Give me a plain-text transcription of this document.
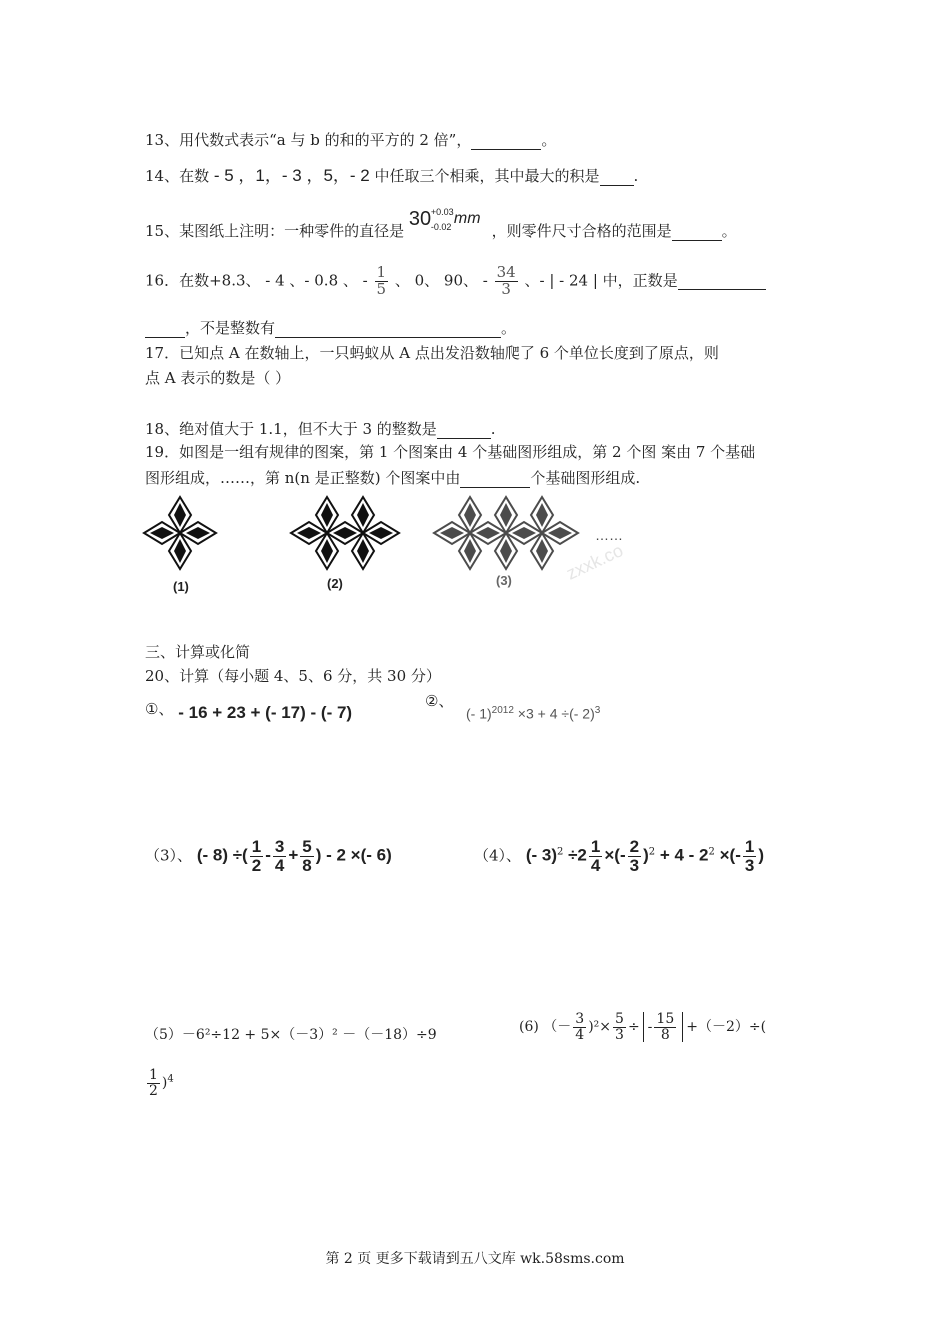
13、用代数式表示“a 与 b 的和的平方的 2 倍”，	。
14、在数 - 5 ，1，- 3 ，5，- 2 中任取三个相乘，其中最大的积是 .
15、某图纸上注明：一种零件的直径是
30 +0.03
-0.02 mm
，则零件尺寸合格的范围是	。
16．在数+8.3、 - 4 、- 0.8 、 - $\frac{1}{5}$ 、 0、 90、 - $\frac{34}{3}$ 、- | - 24 | 中，正数是
，不是整数有	。
17．已知点 A 在数轴上，一只蚂蚁从 A 点出发沿数轴爬了 6 个单位长度到了原点，则
点 A 表示的数是（ ）
18、绝对值大于 1.1，但不大于 3 的整数是	.
19．如图是一组有规律的图案，第 1 个图案由 4 个基础图形组成，第 2 个图 案由 7 个基础
图形组成，……，第 n(n 是正整数) 个图案中由	个基础图形组成.
……
zxxk.co
(1)	(2)	(3)
三、计算或化简
20、计算（每小题 4、5、6 分，共 30 分）
①、 - 16 + 23 + (- 17) - (- 7)
②、
(- 1)$^{2012}$ ×3 + 4 ÷(- 2)$^3$
（3）、 (- 8) ÷( $\frac{1}{2} - \frac{3}{4} + \frac{5}{8}$ ) - 2 ×(- 6)	（4）、 (- $3)^2 \div 2 \frac{1}{4}$ ×(- $\frac{2}{3} )^2 + 4 - 2^2$ ×(- $\frac{1}{3}$ )
（5）－6²÷12 + 5×（－3）² －（－18）÷9	(6) （－ $\frac{3}{4} )^2\times \frac{5}{3}$ ÷ - $\frac{15}{8} +(-2)\div$(
$\frac{1}{2} )^4$
第 2 页 更多下载请到五八文库 wk.58sms.com
